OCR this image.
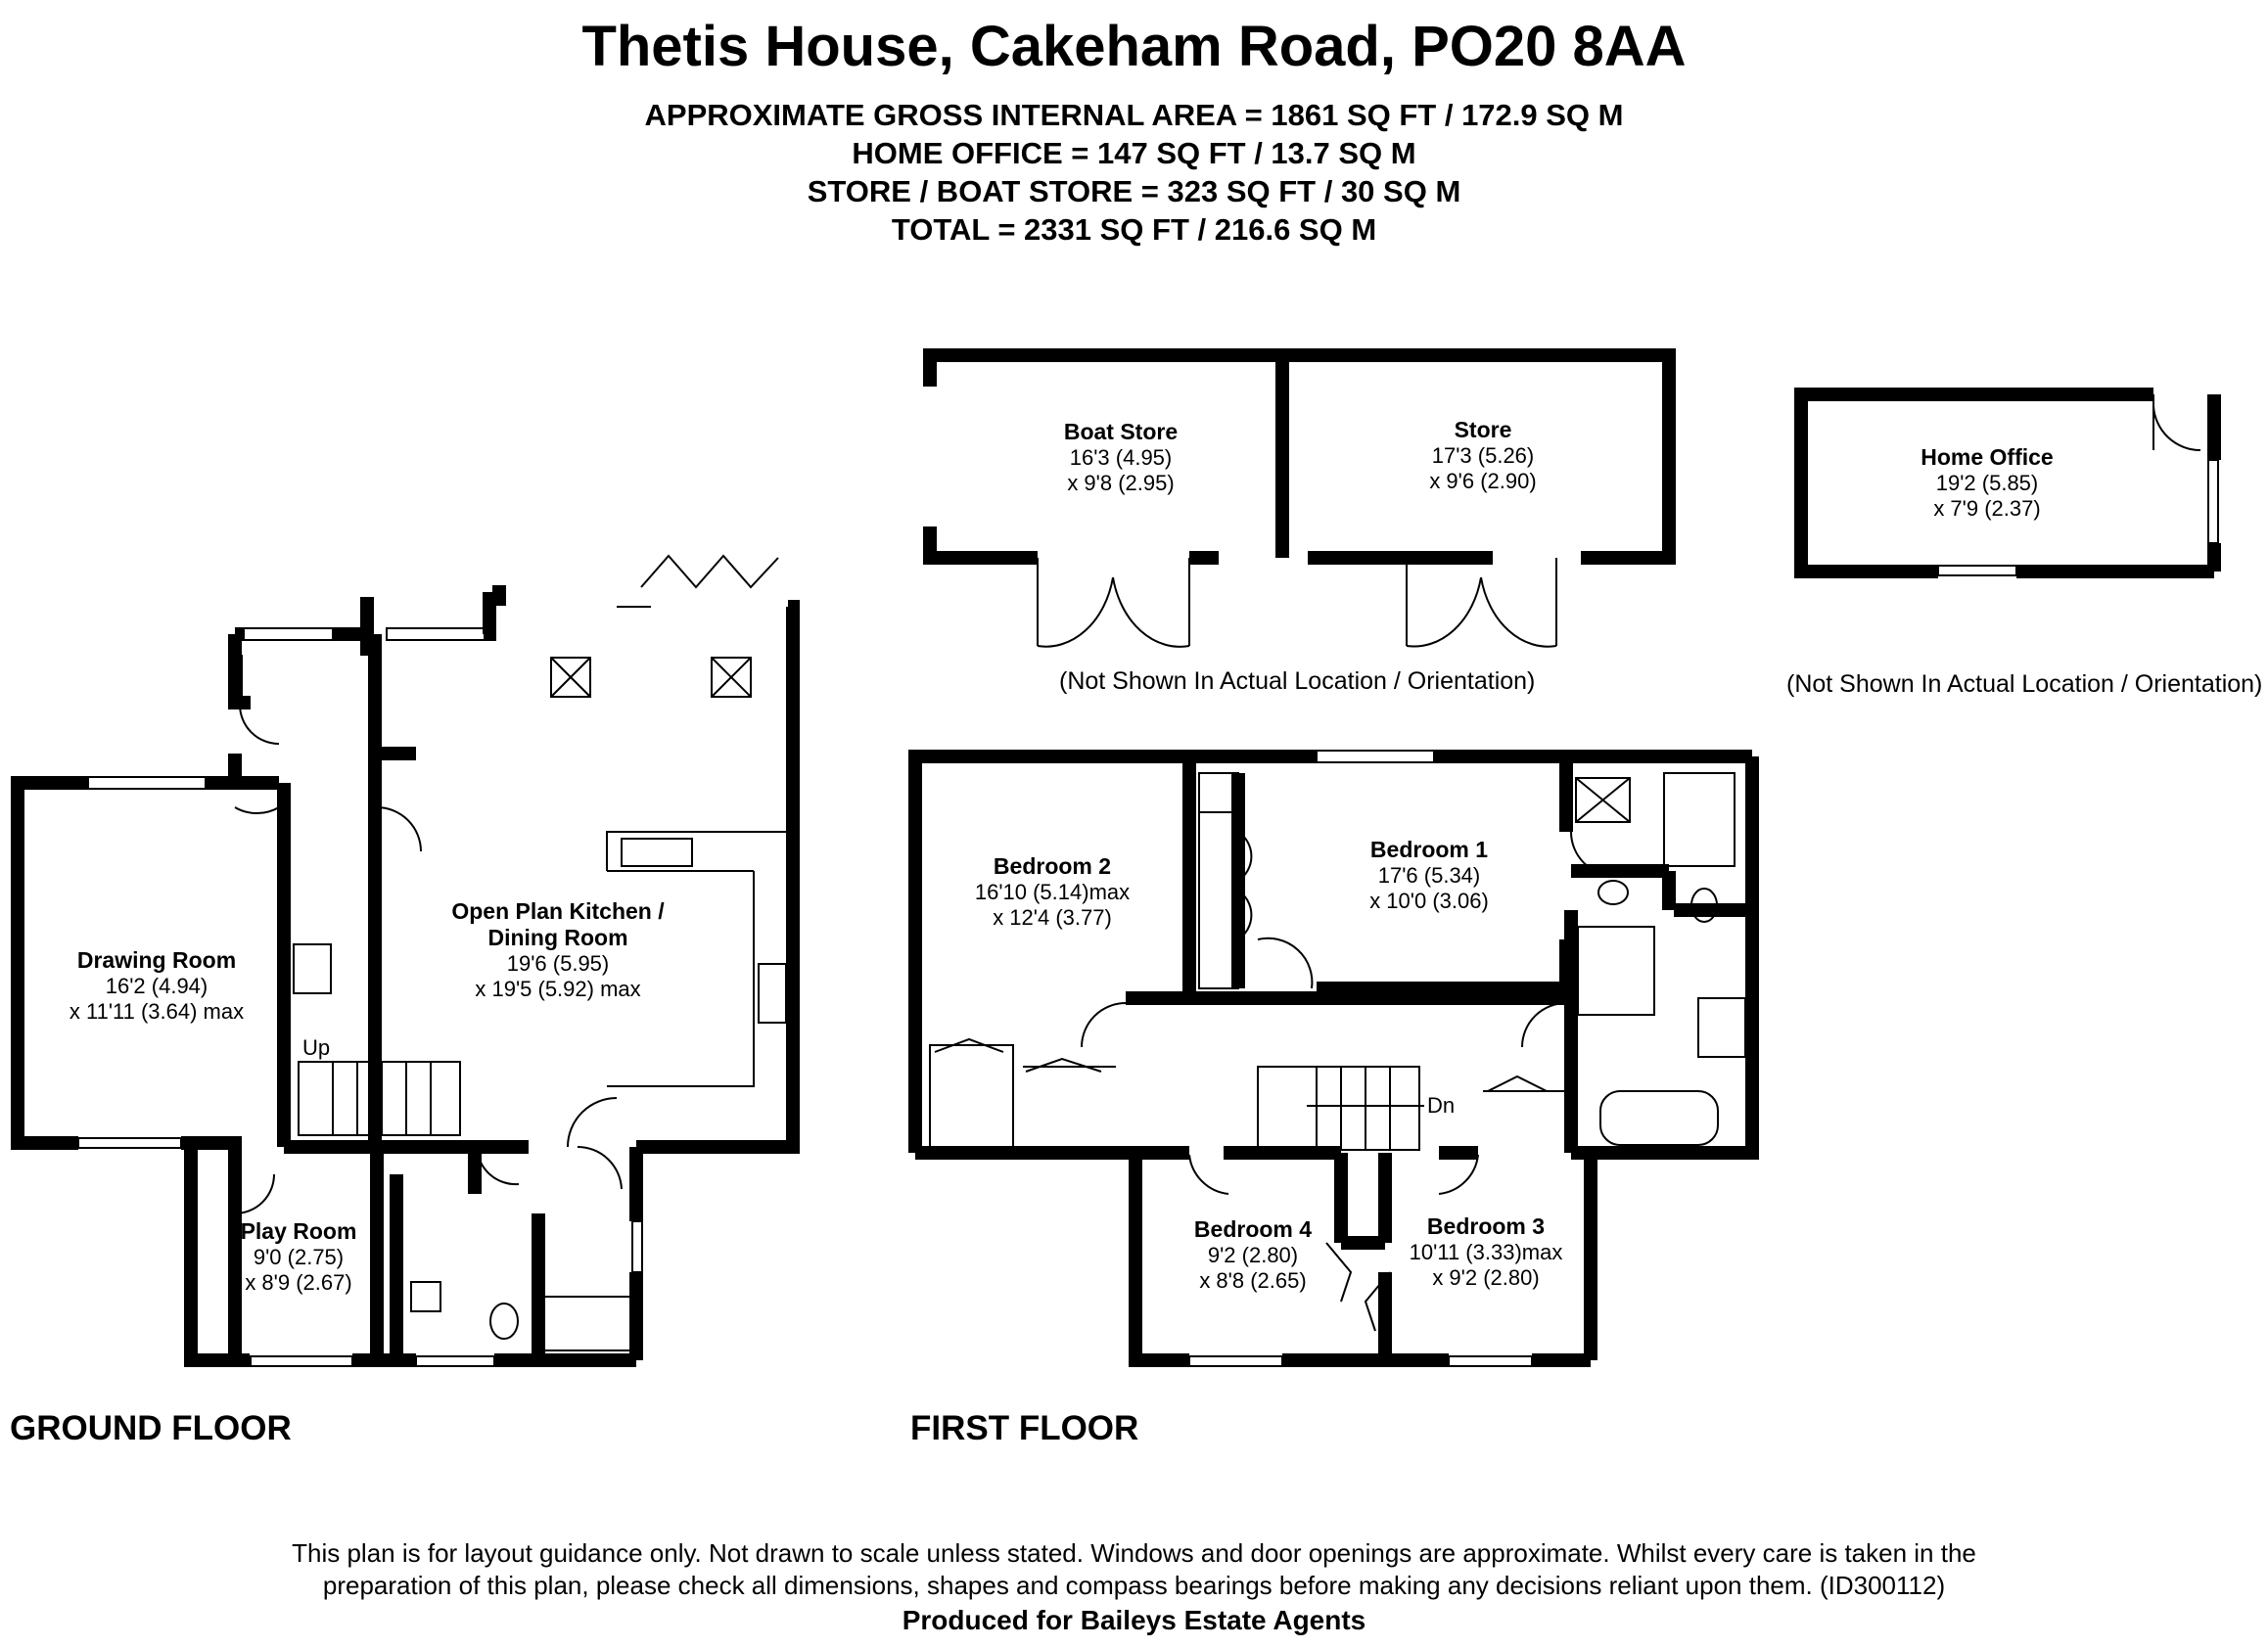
Thetis House, Cakeham Road, PO20 8AA
APPROXIMATE GROSS INTERNAL AREA = 1861 SQ FT / 172.9 SQ M
HOME OFFICE = 147 SQ FT / 13.7 SQ M
STORE / BOAT STORE = 323 SQ FT / 30 SQ M
TOTAL = 2331 SQ FT / 216.6 SQ M
Boat Store
16'3 (4.95)
x 9'8 (2.95)
Store
17'3 (5.26)
x 9'6 (2.90)
Home Office
19'2 (5.85)
x 7'9 (2.37)
(Not Shown In Actual Location / Orientation)	(Not Shown In Actual Location / Orientation)
Drawing Room
16'2 (4.94)
x 11'11 (3.64) max
Open Plan Kitchen /
Dining Room
19'6 (5.95)
x 19'5 (5.92) max
Play Room
9'0 (2.75)
x 8'9 (2.67)
Up
Bedroom 1
17'6 (5.34)
x 10'0 (3.06)
Bedroom 2
16'10 (5.14)max
x 12'4 (3.77)
Bedroom 3
10'11 (3.33)max
x 9'2 (2.80)
Bedroom 4
9'2 (2.80)
x 8'8 (2.65)
Dn
GROUND FLOOR	FIRST FLOOR
This plan is for layout guidance only. Not drawn to scale unless stated. Windows and door openings are approximate. Whilst every care is taken in the
preparation of this plan, please check all dimensions, shapes and compass bearings before making any decisions reliant upon them. (ID300112)
Produced for Baileys Estate Agents
